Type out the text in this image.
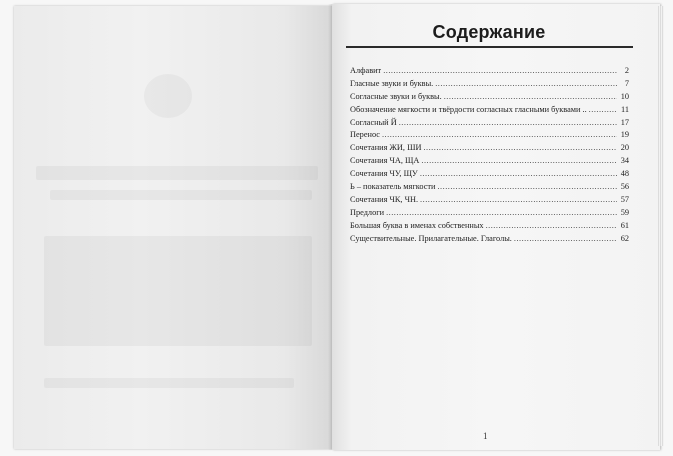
Содержание
Алфавит .....	2
Гласные звуки и буквы. .....	7
Согласные звуки и буквы. .....	10
Обозначение мягкости и твёрдости согласных гласными буквами .. .....	11
Согласный Й .....	17
Перенос .....	19
Сочетания ЖИ, ШИ .....	20
Сочетания ЧА, ЩА .....	34
Сочетания ЧУ, ЩУ .....	48
Ь – показатель мягкости .....	56
Сочетания ЧК, ЧН. .....	57
Предлоги .....	59
Большая буква в именах собственных .....	61
Существительные. Прилагательные. Глаголы. .....	62
1
